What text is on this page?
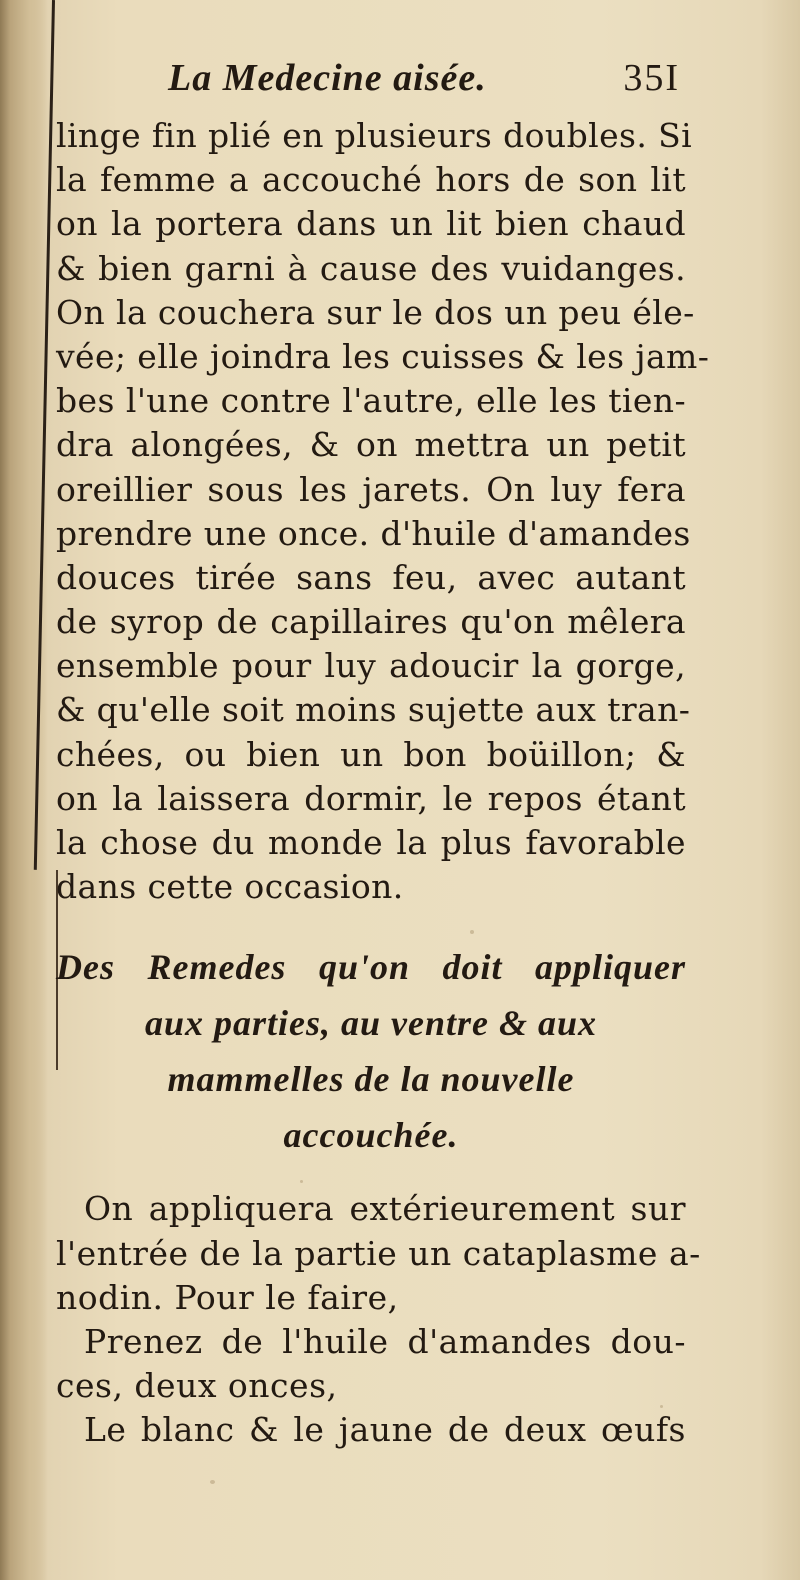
La Medecine aisée.	35I
linge fin plié en plusieurs doubles. Si
la femme a accouché hors de son lit
on la portera dans un lit bien chaud
& bien garni à cause des vuidanges.
On la couchera sur le dos un peu éle-
vée; elle joindra les cuisses & les jam-
bes l'une contre l'autre, elle les tien-
dra alongées, & on mettra un petit
oreillier sous les jarets. On luy fera
prendre une once. d'huile d'amandes
douces tirée sans feu, avec autant
de syrop de capillaires qu'on mêlera
ensemble pour luy adoucir la gorge,
& qu'elle soit moins sujette aux tran-
chées, ou bien un bon boüillon; &
on la laissera dormir, le repos étant
la chose du monde la plus favorable
dans cette occasion.
Des Remedes qu'on doit appliquer
aux parties, au ventre & aux
mammelles de la nouvelle
accouchée.
On appliquera extérieurement sur
l'entrée de la partie un cataplasme a-
nodin. Pour le faire,
Prenez de l'huile d'amandes dou-
ces, deux onces,
Le blanc & le jaune de deux œufs
